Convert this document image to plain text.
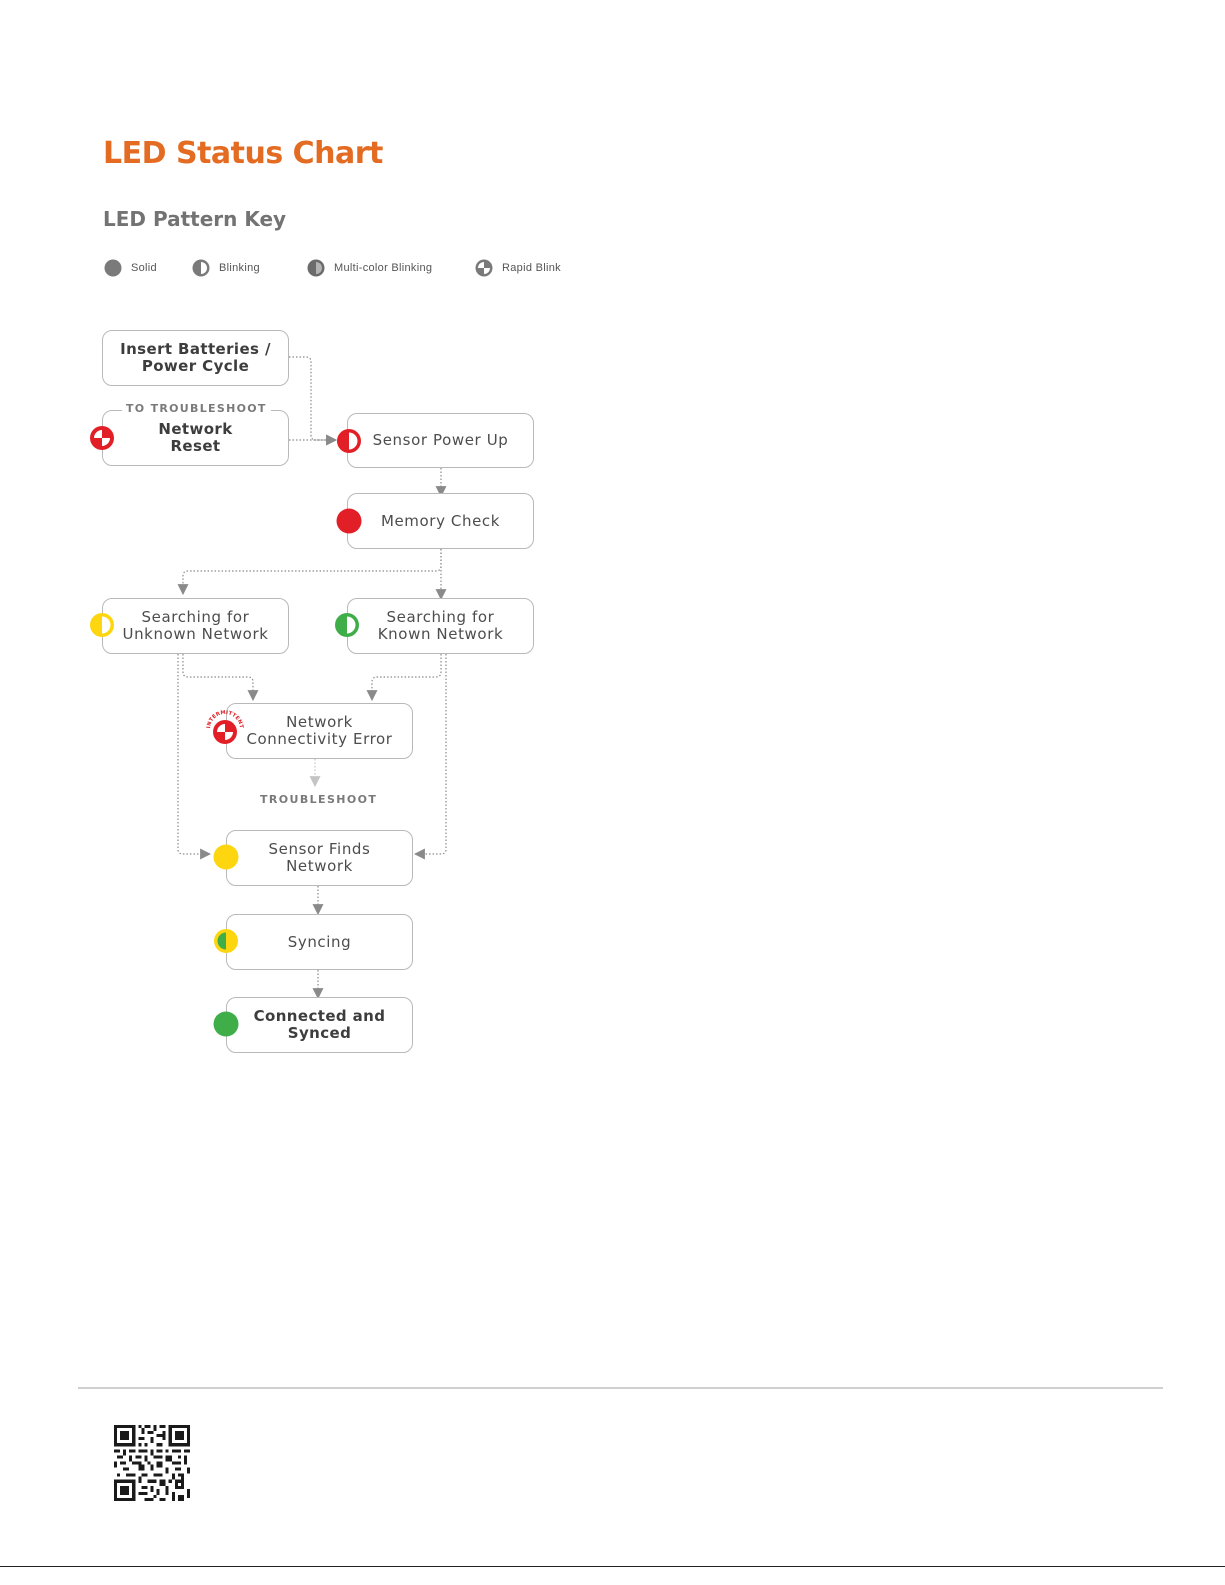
LED Status Chart
LED Pattern Key
Solid	Blinking	Multi-color Blinking	Rapid Blink
Insert Batteries /
Power Cycle
Network
Reset
TO TROUBLESHOOT
Sensor Power Up
Memory Check
Searching for
Unknown Network
Searching for
Known Network
Network
Connectivity Error
INTERMITTENT
TROUBLESHOOT
Sensor Finds
Network
Syncing
Connected and
Synced
